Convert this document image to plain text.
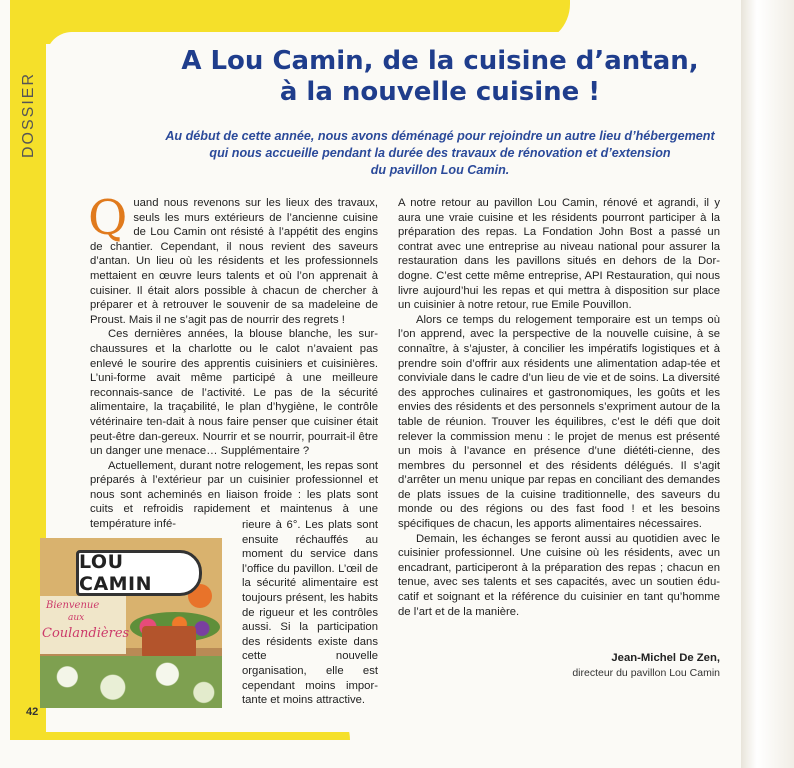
DOSSIER
A Lou Camin, de la cuisine d’antan,
à la nouvelle cuisine !
Au début de cette année, nous avons déménagé pour rejoindre un autre lieu d’hébergement
qui nous accueille pendant la durée des travaux de rénovation et d’extension
du pavillon Lou Camin.

Quand nous revenons sur les lieux des travaux, seuls les murs extérieurs de l’ancienne cuisine de Lou Camin ont résisté à l’appétit des engins de chantier. Cependant, il nous revient des saveurs d’antan. Un lieu où les résidents et les professionnels mettaient en œuvre leurs talents et où l’on apprenait à cuisiner. Il était alors possible à chacun de chercher à préparer et à retrouver le souvenir de sa madeleine de Proust. Mais il ne s’agit pas de nourrir des regrets !

Ces dernières années, la blouse blanche, les sur-chaussures et la charlotte ou le calot n’avaient pas enlevé le sourire des apprentis cuisiniers et cuisinières. L’uni-forme avait même participé à une meilleure reconnais-sance de l’activité. Le pas de la sécurité alimentaire, la traçabilité, le plan d’hygiène, le contrôle vétérinaire ten-dait à nous faire penser que cuisiner était peut-être dan-gereux. Nourrir et se nourrir, pourrait-il être un danger une menace… Supplémentaire ?

Actuellement, durant notre relogement, les repas sont préparés à l’extérieur par un cuisinier professionnel et nous sont acheminés en liaison froide : les plats sont cuits et refroidis rapidement et maintenus à une température infé-

Bienvenue
aux
Coulandières
LOU CAMIN

rieure à 6°. Les plats sont ensuite réchauffés au moment du service dans l’office du pavillon. L’œil de la sécurité alimentaire est toujours présent, les habits de rigueur et les contrôles aussi. Si la participation des résidents existe dans cette nouvelle organisation, elle est cependant moins impor-tante et moins attractive.

A notre retour au pavillon Lou Camin, rénové et agrandi, il y aura une vraie cuisine et les résidents pourront participer à la préparation des repas. La Fondation John Bost a passé un contrat avec une entreprise au niveau national pour assurer la restauration dans les pavillons situés en dehors de la Dor-dogne. C’est cette même entreprise, API Restauration, qui nous livre aujourd’hui les repas et qui mettra à disposition sur place un cuisinier à notre retour, rue Emile Pouvillon.

Alors ce temps du relogement temporaire est un temps où l’on apprend, avec la perspective de la nouvelle cuisine, à se connaître, à s’ajuster, à concilier les impératifs logistiques et à prendre soin d’offrir aux résidents une alimentation adap-tée et conviviale dans le cadre d’un lieu de vie et de soins. La diversité des approches culinaires et gastronomiques, les goûts et les envies des résidents et des personnels s’expriment autour de la table de réunion. Trouver les équilibres, c’est le défi que doit relever la commission menu : le projet de menus est présenté un mois à l’avance en présence d’une diététi-cienne, des membres du personnel et des résidents délégués. Il s’agit d’arrêter un menu unique par repas en conciliant des demandes de plats issues de la cuisine traditionnelle, des saveurs du monde ou des régions ou des fast food ! et les besoins spécifiques de chacun, les apports alimentaires nécessaires.

Demain, les échanges se feront aussi au quotidien avec le cuisinier professionnel. Une cuisine où les résidents, avec un encadrant, participeront à la préparation des repas ; chacun en tenue, avec ses talents et ses capacités, avec un soutien édu-catif et soignant et la référence du cuisinier en tant qu’homme de l’art et de la manière.

Jean-Michel De Zen,
directeur du pavillon Lou Camin
42
